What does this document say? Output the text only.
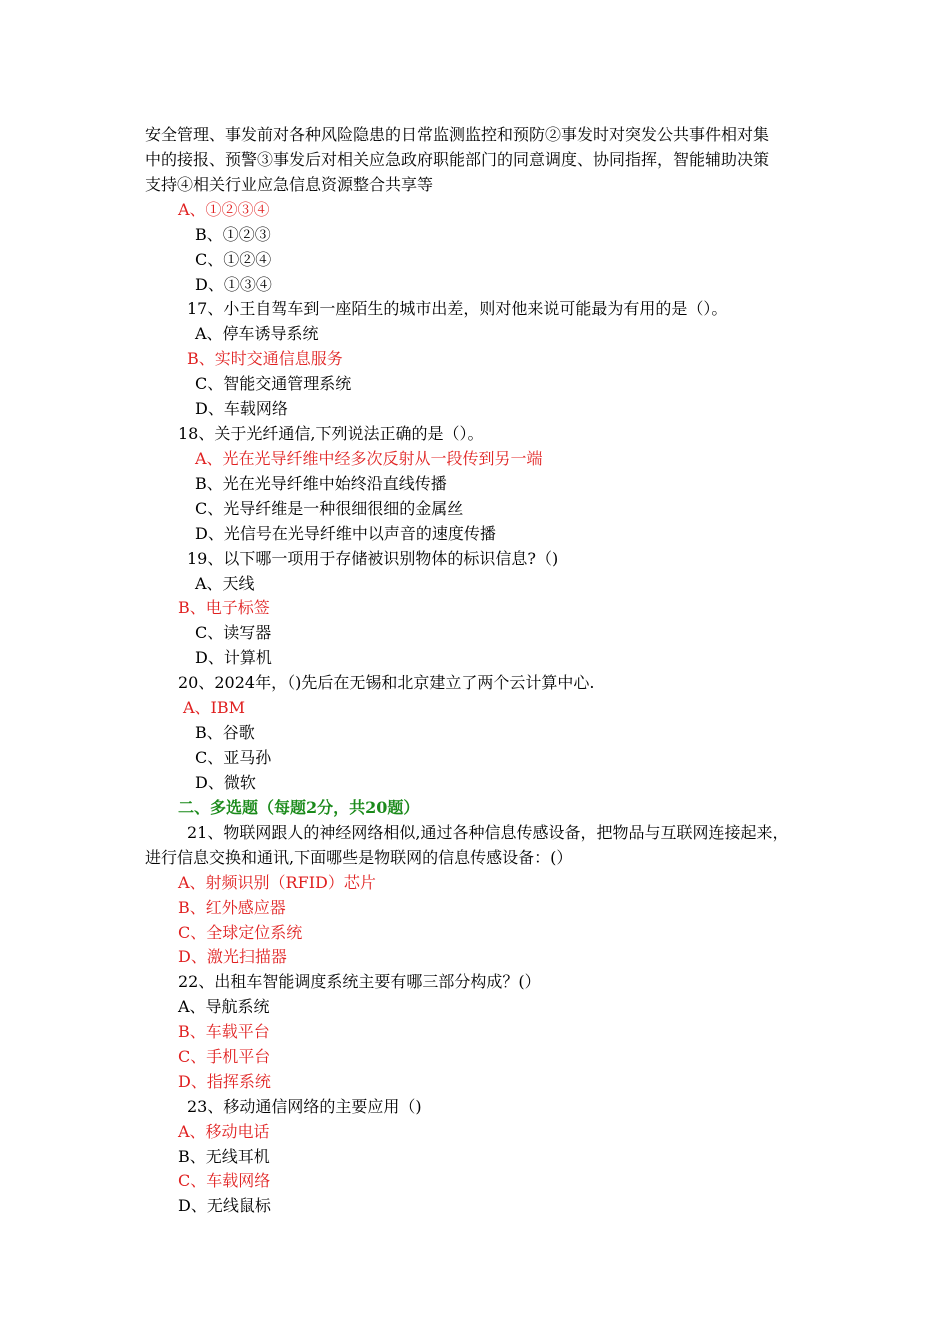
安全管理、事发前对各种风险隐患的日常监测监控和预防②事发时对突发公共事件相对集
中的接报、预警③事发后对相关应急政府职能部门的同意调度、协同指挥，智能辅助决策
支持④相关行业应急信息资源整合共享等
A、①②③④
B、①②③
C、①②④
D、①③④
17、小王自驾车到一座陌生的城市出差，则对他来说可能最为有用的是（）。
A、停车诱导系统
B、实时交通信息服务
C、智能交通管理系统
D、车载网络
18、关于光纤通信,下列说法正确的是（）。
A、光在光导纤维中经多次反射从一段传到另一端
B、光在光导纤维中始终沿直线传播
C、光导纤维是一种很细很细的金属丝
D、光信号在光导纤维中以声音的速度传播
19、以下哪一项用于存储被识别物体的标识信息?（)
A、天线
B、电子标签
C、读写器
D、计算机
20、2024年，（)先后在无锡和北京建立了两个云计算中心.
A、IBM
B、谷歌
C、亚马孙
D、微软
二、多选题（每题2分，共20题）
21、物联网跟人的神经网络相似,通过各种信息传感设备，把物品与互联网连接起来，
进行信息交换和通讯,下面哪些是物联网的信息传感设备：(）
A、射频识别（RFID）芯片
B、红外感应器
C、全球定位系统
D、激光扫描器
22、出租车智能调度系统主要有哪三部分构成？(）
A、导航系统
B、车载平台
C、手机平台
D、指挥系统
23、移动通信网络的主要应用（)
A、移动电话
B、无线耳机
C、车载网络
D、无线鼠标
